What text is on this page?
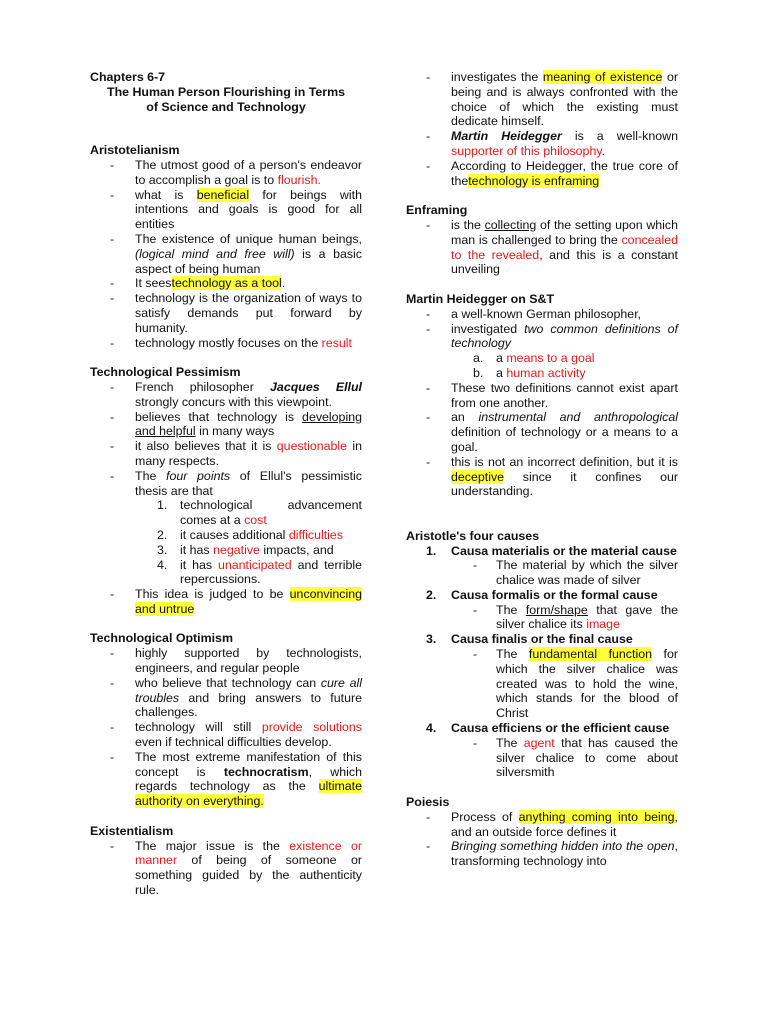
Chapters 6-7
The Human Person Flourishing in Terms
of Science and Technology
Aristotelianism
-	The utmost good of a person's endeavor to accomplish a goal is to flourish.
-	what is beneficial for beings with intentions and goals is good for all entities
-	The existence of unique human beings, (logical mind and free will) is a basic aspect of being human
-	It seestechnology as a tool.
-	technology is the organization of ways to satisfy demands put forward by humanity.
-	technology mostly focuses on the result
Technological Pessimism
-	French philosopher Jacques Ellul strongly concurs with this viewpoint.
-	believes that technology is developing and helpful in many ways
-	it also believes that it is questionable in many respects.
-	The four points of Ellul's pessimistic thesis are that
1.	technological advancement comes at a cost
2.	it causes additional difficulties
3.	it has negative impacts, and
4.	it has unanticipated and terrible repercussions.
-	This idea is judged to be unconvincing and untrue
Technological Optimism
-	highly supported by technologists, engineers, and regular people
-	who believe that technology can cure all troubles and bring answers to future challenges.
-	technology will still provide solutions even if technical difficulties develop.
-	The most extreme manifestation of this concept is technocratism, which regards technology as the ultimate authority on everything.
Existentialism
-	The major issue is the existence or manner of being of someone or something guided by the authenticity rule.
-	investigates the meaning of existence or being and is always confronted with the choice of which the existing must dedicate himself.
-	Martin Heidegger is a well-known supporter of this philosophy.
-	According to Heidegger, the true core of thetechnology is enframing
Enframing
-	is the collecting of the setting upon which man is challenged to bring the concealed to the revealed, and this is a constant unveiling
Martin Heidegger on S&T
-	a well-known German philosopher,
-	investigated two common definitions of technology
a.	a means to a goal
b.	a human activity
-	These two definitions cannot exist apart from one another.
-	an instrumental and anthropological definition of technology or a means to a goal.
-	this is not an incorrect definition, but it is deceptive since it confines our understanding.
Aristotle's four causes
1.	Causa materialis or the material cause
-	The material by which the silver chalice was made of silver
2.	Causa formalis or the formal cause
-	The form/shape that gave the silver chalice its image
3.	Causa finalis or the final cause
-	The fundamental function for which the silver chalice was created was to hold the wine, which stands for the blood of Christ
4.	Causa efficiens or the efficient cause
-	The agent that has caused the silver chalice to come about silversmith
Poiesis
-	Process of anything coming into being, and an outside force defines it
-	Bringing something hidden into the open, transforming technology into
